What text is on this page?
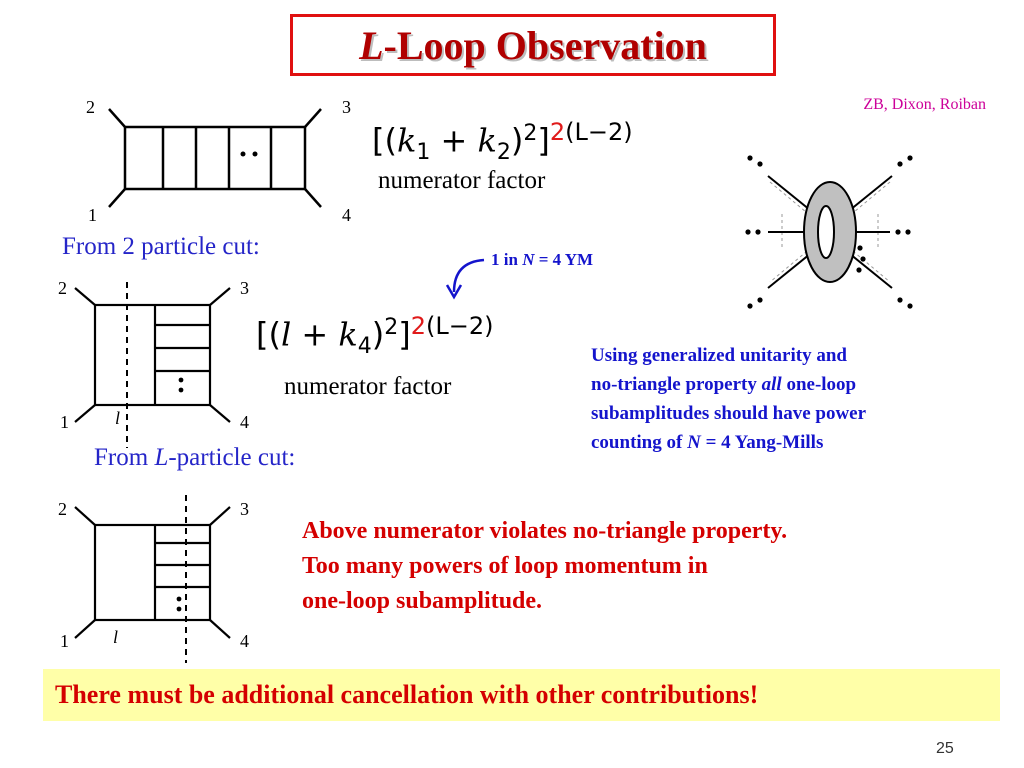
L -Loop Observation
ZB, Dixon, Roiban
2	3
1	4
$[(k_1 + k_2)^2]^{2(L-2)}$
numerator factor
From 2 particle cut:	1 in N = 4 YM
2	3
1	4
l
$[(l + k_4)^2]^{2(L-2)}$
numerator factor
Using generalized unitarity and
no-triangle property all one-loop
subamplitudes should have power
counting of N = 4 Yang-Mills
From L-particle cut:
2	3
1	4
l
Above numerator violates no-triangle property.
Too many powers of loop momentum in
one-loop subamplitude.
There must be additional cancellation with other contributions!
25
